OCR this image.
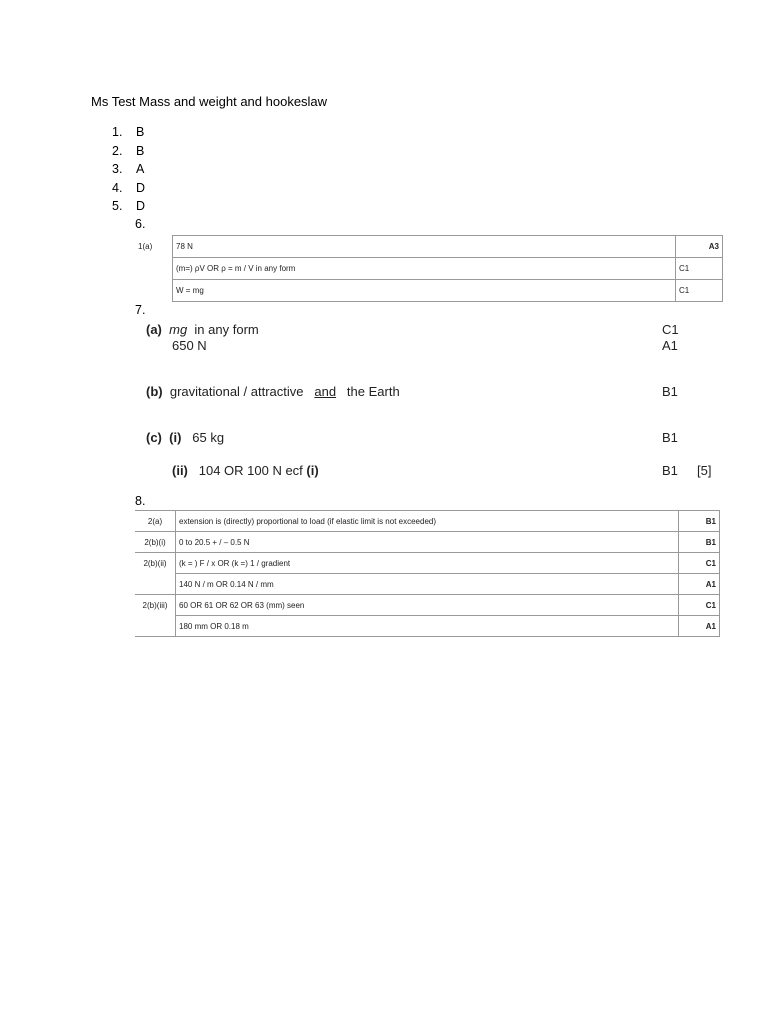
Ms Test Mass and weight and hookeslaw
1. B
2. B
3. A
4. D
5. D
6.
1(a)	78 N	A3
	(m=) ρV OR ρ = m / V in any form	C1
	W = mg	C1
7.
(a) mg in any form	C1
650 N	A1
(b) gravitational / attractive and the Earth	B1
(c) (i) 65 kg	B1
(ii) 104 OR 100 N ecf (i)	B1 [5]
8.
2(a)	extension is (directly) proportional to load (if elastic limit is not exceeded)	B1
2(b)(i)	0 to 20.5 + / – 0.5 N	B1
2(b)(ii)	(k = ) F / x OR (k =) 1 / gradient	C1
	140 N / m OR 0.14 N / mm	A1
2(b)(iii)	60 OR 61 OR 62 OR 63 (mm) seen	C1
	180 mm OR 0.18 m	A1
